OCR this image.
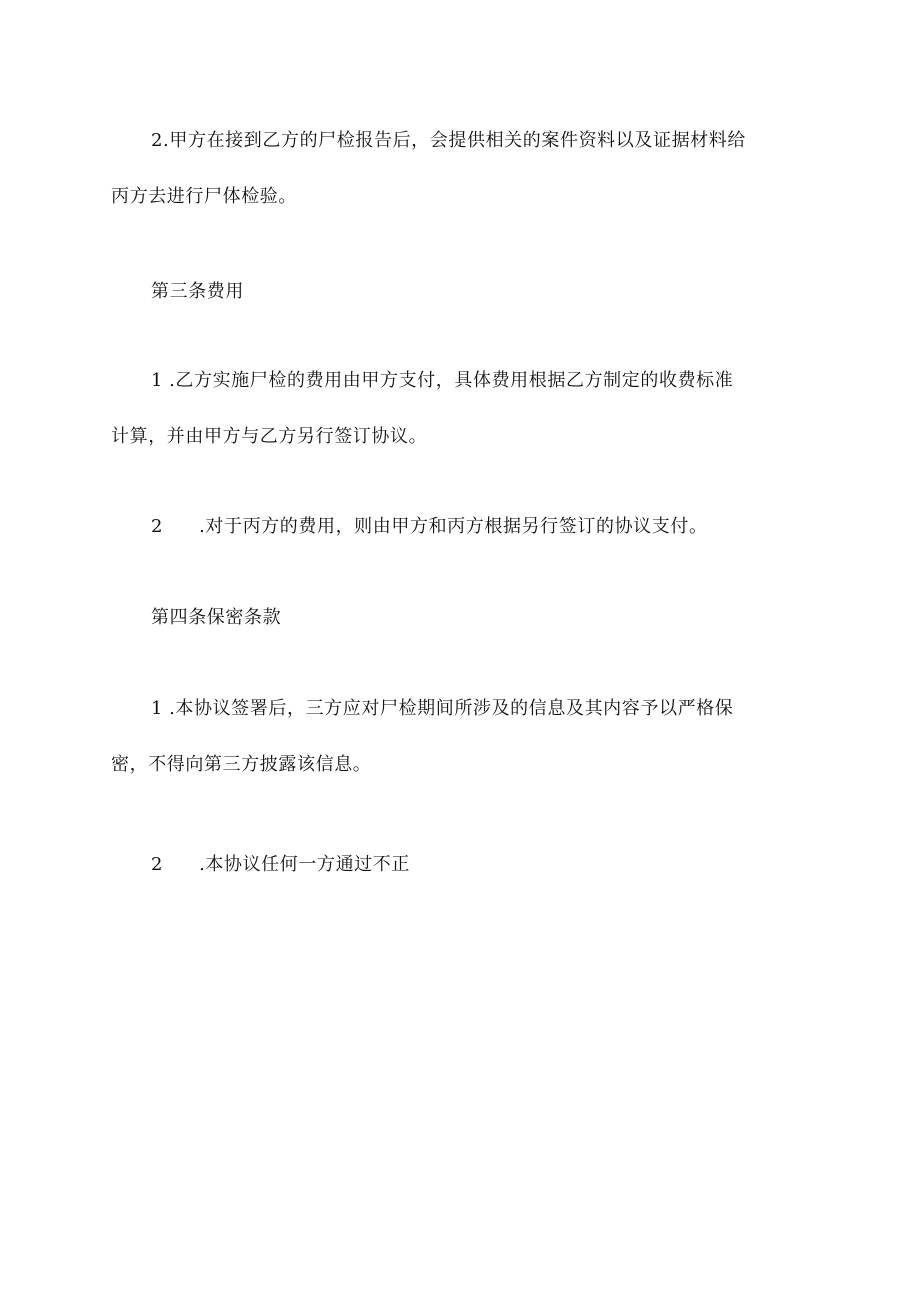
2.甲方在接到乙方的尸检报告后，会提供相关的案件资料以及证据材料给

丙方去进行尸体检验。

第三条费用

1 .乙方实施尸检的费用由甲方支付，具体费用根据乙方制定的收费标准

计算，并由甲方与乙方另行签订协议。

2 .对于丙方的费用，则由甲方和丙方根据另行签订的协议支付。

第四条保密条款

1 .本协议签署后，三方应对尸检期间所涉及的信息及其内容予以严格保

密，不得向第三方披露该信息。

2 .本协议任何一方通过不正
